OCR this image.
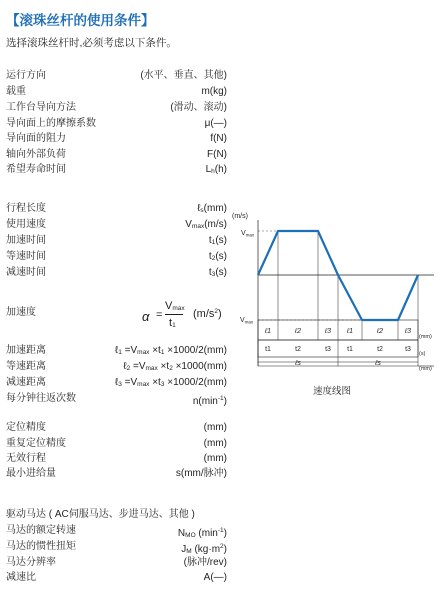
【滚珠丝杆的使用条件】
选择滚珠丝杆时,必须考虑以下条件。
运行方向	(水平、垂直、其他)
载重	m(kg)
工作台导向方法	(滑动、滚动)
导向面上的摩擦系数	μ(—)
导向面的阻力	f(N)
轴向外部负荷	F(N)
希望寿命时间	Lh(h)
行程长度	ℓs(mm)
使用速度	Vmax(m/s)
加速时间	t1(s)
等速时间	t2(s)
减速时间	t3(s)
加速度	α =
Vmax
t1
$(m/s^2)$
加速距离	ℓ1 =Vmax ×t1 ×1000/2(mm)
等速距离	ℓ2 =Vmax ×t2 ×1000(mm)
减速距离	ℓ3 =Vmax ×t3 ×1000/2(mm)
每分钟往返次数	$n(\min^{-1})$
定位精度	(mm)
重复定位精度	(mm)
无效行程	(mm)
最小进给量	s(mm/脉冲)
驱动马达 ( AC伺服马达、步进马达、其他 )
马达的额定转速	NMO $(\min^{-1})$
马达的惯性扭矩	JM $(kg\cdot m^2)$
马达分辨率	(脉冲/rev)
减速比	A(—)
(m/s)
$V_{max}$
$V_{max}$
ℓ1	ℓ2	ℓ3 ℓ1	ℓ2	ℓ3
(mm)
t1	t2	t3 t1	t2	t3
(s)
ℓs	ℓs
(mm)
速度线图
